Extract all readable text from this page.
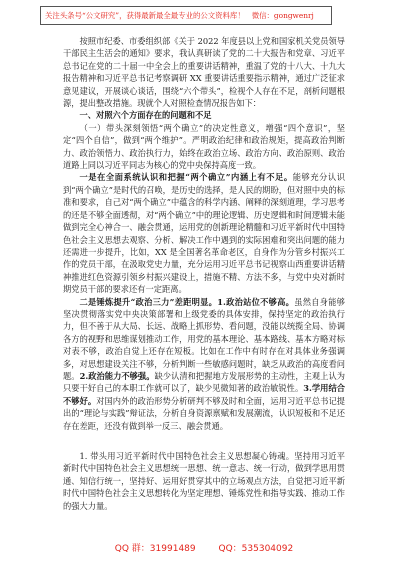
关注头条号“公文研究”，获得最新最全最专业的公文资料库！ 微信：gongwenrj

按照市纪委、市委组织部《关于 2022 年度县以上党和国家机关党员领导干部民主生活会的通知》要求，我认真研读了党的二十大报告和党章、习近平总书记在党的二十届一中全会上的重要讲话精神，重温了党的十八大、十九大报告精神和习近平总书记考察调研 XX 重要讲话重要指示精神，通过广泛征求意见建议，开展谈心谈话，围绕“六个带头”，检视个人存在不足，剖析问题根源，提出整改措施。现就个人对照检查情况报告如下：

一、对照六个方面存在的问题和不足

（一）带头深刻领悟“两个确立”的决定性意义，增强“四个意识”，坚定“四个自信”，做到“两个维护”。严明政治纪律和政治规矩，提高政治判断力、政治领悟力、政治执行力，始终在政治立场、政治方向、政治原则、政治道路上同以习近平同志为核心的党中央保持高度一致。

一是在全面系统认识和把握“两个确立”内涵上有不足。能够充分认识到“两个确立”是时代的召唤，是历史的选择，是人民的期盼，但对照中央的标准和要求，自己对“两个确立”中蕴含的科学内涵、阐释的深刻道理，学习思考的还是不够全面透彻，对“两个确立”中的理论逻辑、历史逻辑和时间逻辑未能做到完全心神合一、融会贯通，运用党的创新理论精髓和习近平新时代中国特色社会主义思想去观察、分析、解决工作中遇到的实际困难和突出问题的能力还需进一步提升，比如，XX 是全国著名革命老区，自身作为分管乡村振兴工作的党员干部，在汲取党史力量，充分运用习近平总书记视察山西重要讲话精神推进红色资源引领乡村振兴建设上，措施不精、方法不多，与党中央对新时期党员干部的要求还有一定距离。

二是锤炼提升“政治三力”差距明显。1.政治站位不够高。虽然自身能够坚决贯彻落实党中央决策部署和上级党委的具体安排，保持坚定的政治执行力，但不善于从大局、长远、战略上抓形势、看问题，没能以统揽全局、协调各方的视野和思维谋划推动工作，用党的基本理论、基本路线、基本方略对标对表不够，政治自觉上还存在短板。比如在工作中有时存在对具体业务强调多，对思想建设关注不够，分析判断一些敏感问题时，缺乏从政治的高度看问题。2.政治能力不够强。缺少认清和把握地方发展形势的主动性，主观上认为只要干好自己的本职工作就可以了，缺少见微知著的政治敏锐性。3.学用结合不够好。对国内外的政治形势分析研判不够及时和全面，运用习近平总书记提出的“理论与实践”辩证法，分析自身资源禀赋和发展潮流，认识短板和不足还存在差距，还没有做到举一反三、融会贯通。

1. 带头用习近平新时代中国特色社会主义思想凝心铸魂。坚持用习近平新时代中国特色社会主义思想统一思想、统一意志、统一行动，做到学思用贯通、知信行统一，坚持好、运用好贯穿其中的立场观点方法，自觉把习近平新时代中国特色社会主义思想转化为坚定理想、锤炼党性和指导实践、推动工作的强大力量。

QQ 群：31991489	QQ：535304092
